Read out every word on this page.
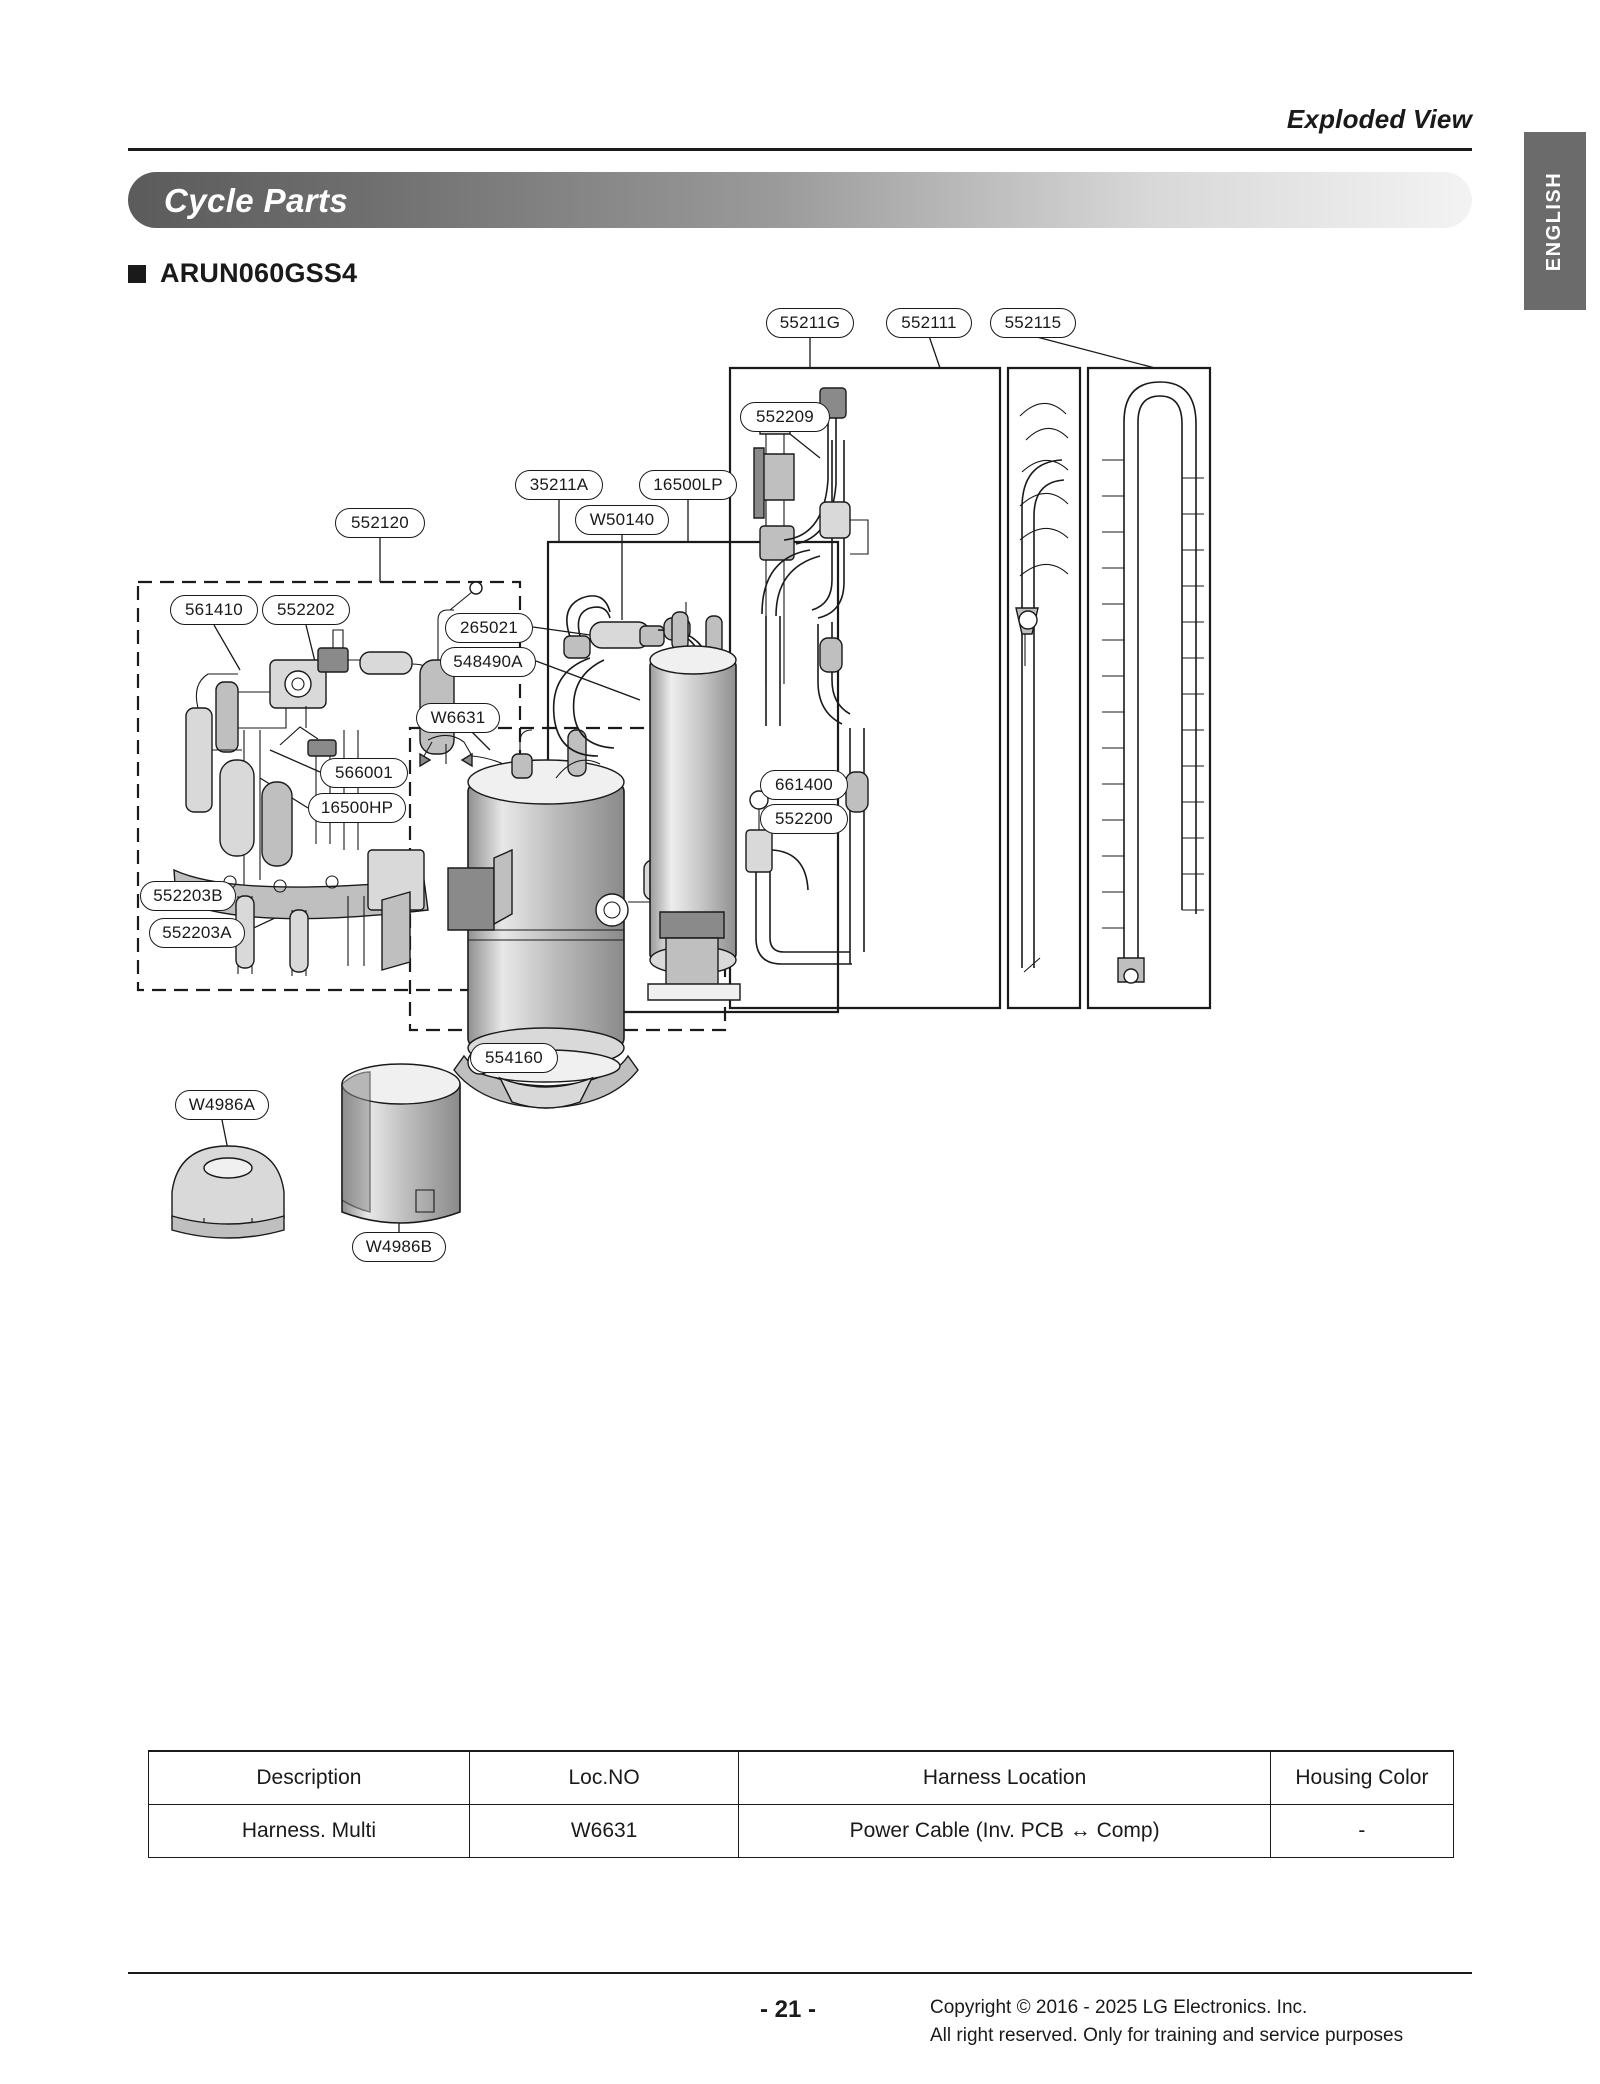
Exploded View
ENGLISH
Cycle Parts
ARUN060GSS4
55211G	552111	552115
552209
35211A	16500LP
W50140
552120
561410 552202
265021
548490A
W6631
566001
16500HP
661400
552200
552203B
552203A
554160
W4986A
W4986B
Description	Loc.NO	Harness Location	Housing Color
Harness. Multi	W6631	Power Cable (Inv. PCB ↔ Comp)	-
- 21 -	Copyright © 2016 - 2025 LG Electronics. Inc.
All right reserved. Only for training and service purposes
